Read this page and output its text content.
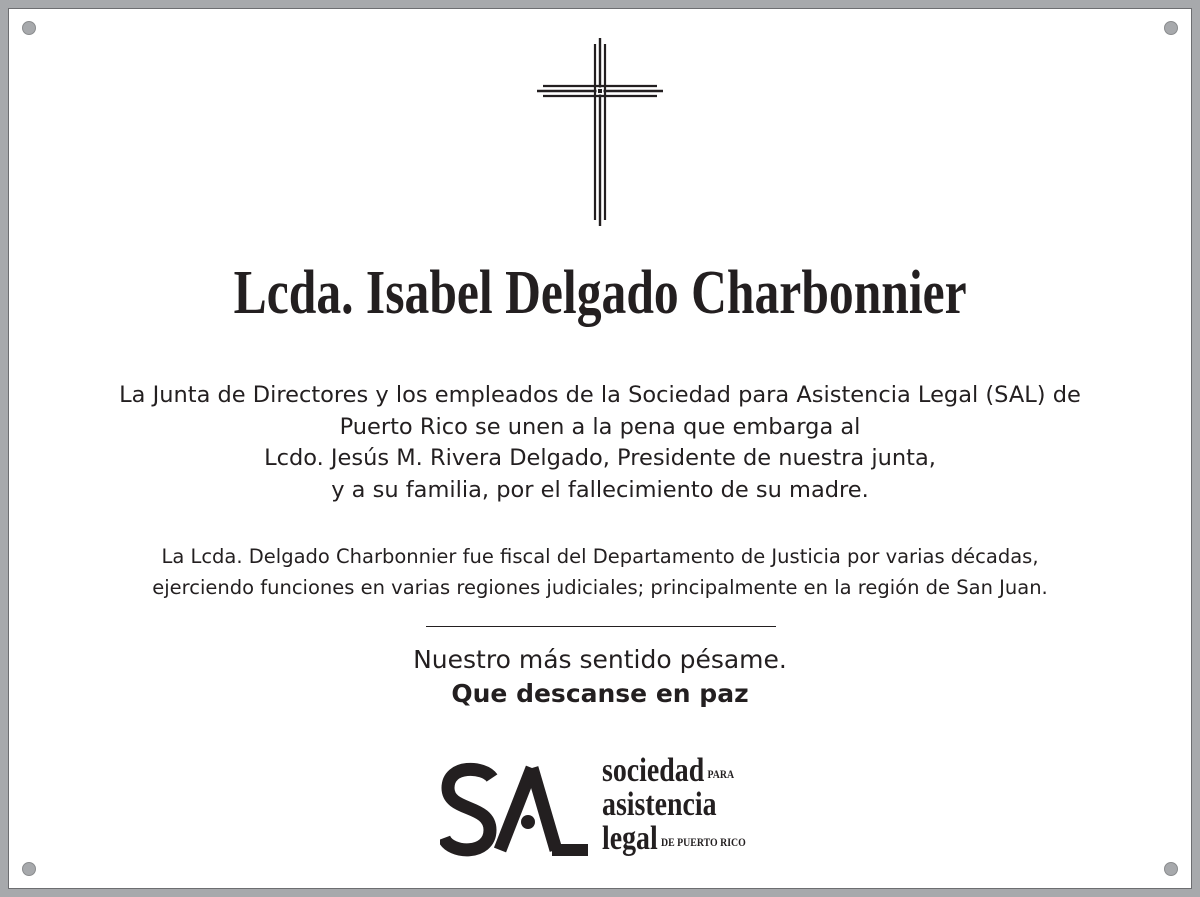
Lcda. Isabel Delgado Charbonnier
La Junta de Directores y los empleados de la Sociedad para Asistencia Legal (SAL) de
Puerto Rico se unen a la pena que embarga al
Lcdo. Jesús M. Rivera Delgado, Presidente de nuestra junta,
y a su familia, por el fallecimiento de su madre.
La Lcda. Delgado Charbonnier fue fiscal del Departamento de Justicia por varias décadas,
ejerciendo funciones en varias regiones judiciales; principalmente en la región de San Juan.
Nuestro más sentido pésame.
Que descanse en paz
sociedad PARA
asistencia
legal DE PUERTO RICO
